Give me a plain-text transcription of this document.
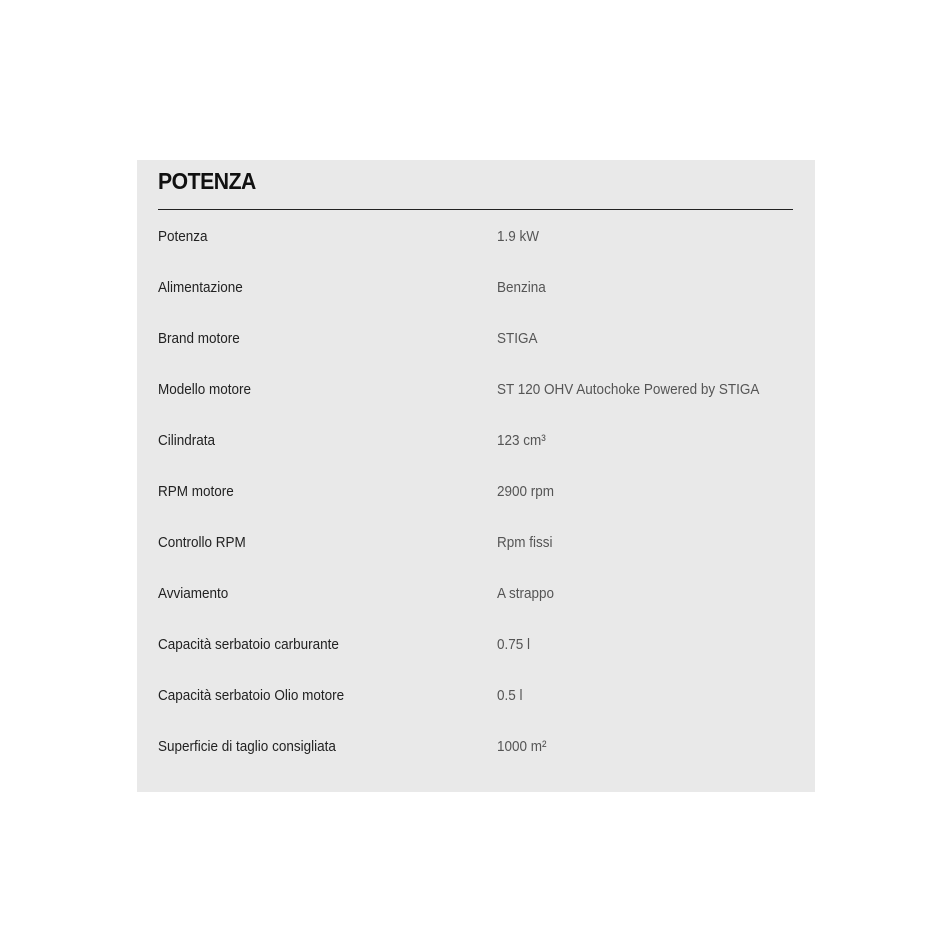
POTENZA
Potenza	1.9 kW
Alimentazione	Benzina
Brand motore	STIGA
Modello motore	ST 120 OHV Autochoke Powered by STIGA
Cilindrata	123 cm³
RPM motore	2900 rpm
Controllo RPM	Rpm fissi
Avviamento	A strappo
Capacità serbatoio carburante	0.75 l
Capacità serbatoio Olio motore	0.5 l
Superficie di taglio consigliata	1000 m²
